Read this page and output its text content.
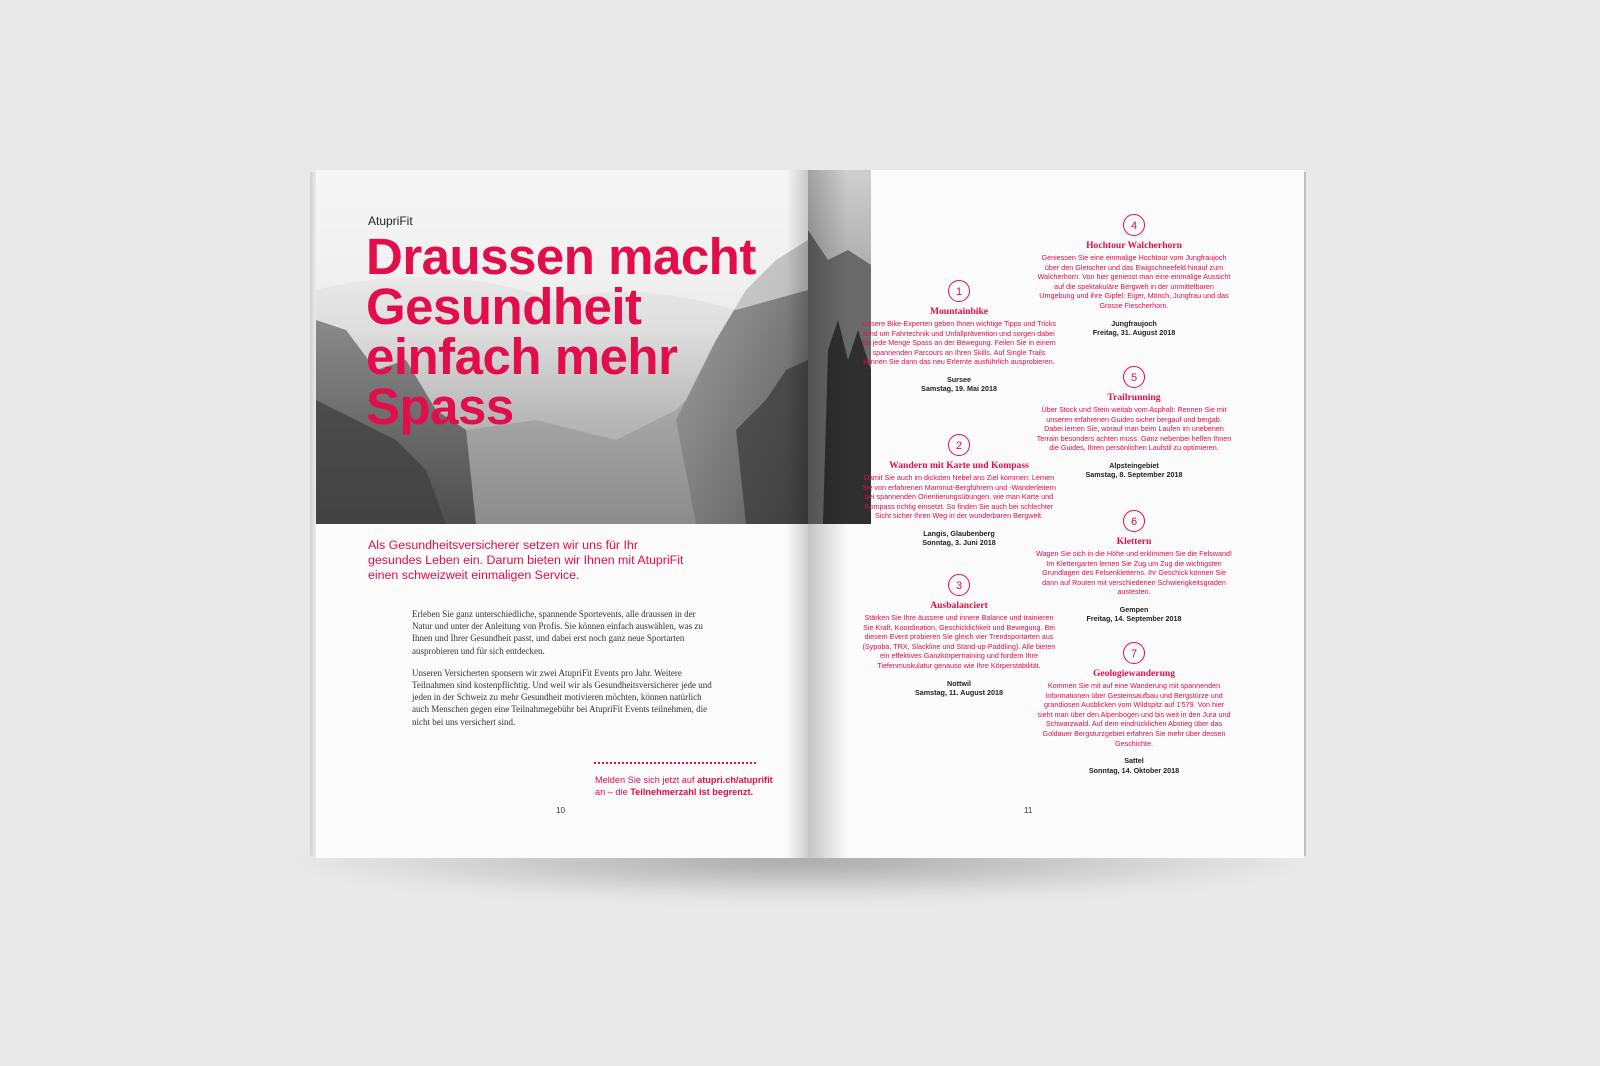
AtupriFit
Draussen macht
Gesundheit
einfach mehr
Spass
Als Gesundheitsversicherer setzen wir uns für Ihr gesundes Leben ein. Darum bieten wir Ihnen mit AtupriFit einen schweizweit einmaligen Service.

Erleben Sie ganz unterschiedliche, spannende Sportevents, alle draussen in der Natur und unter der Anleitung von Profis. Sie können einfach auswählen, was zu Ihnen und Ihrer Gesundheit passt, und dabei erst noch ganz neue Sportarten ausprobieren und für sich entdecken.

Unseren Versicherten sponsern wir zwei AtupriFit Events pro Jahr. Weitere Teilnahmen sind kostenpflichtig. Und weil wir als Gesundheitsversicherer jede und jeden in der Schweiz zu mehr Gesundheit motivieren möchten, können natürlich auch Menschen gegen eine Teilnahmegebühr bei AtupriFit Events teilnehmen, die nicht bei uns versichert sind.

Melden Sie sich jetzt auf atupri.ch/atuprifit
an – die Teilnehmerzahl ist begrenzt.
10
1
Mountainbike
Unsere Bike-Experten geben Ihnen wichtige Tipps und Tricks rund um Fahrtechnik und Unfallprävention und sorgen dabei für jede Menge Spass an der Bewegung. Feilen Sie in einem spannenden Parcours an Ihren Skills. Auf Single Trails können Sie dann das neu Erlernte ausführlich ausprobieren.
Sursee
Samstag, 19. Mai 2018
2
Wandern mit Karte und Kompass
Damit Sie auch im dicksten Nebel ans Ziel kommen: Lernen Sie von erfahrenen Mammut-Bergführern und -Wanderleitern bei spannenden Orientierungsübungen, wie man Karte und Kompass richtig einsetzt. So finden Sie auch bei schlechter Sicht sicher Ihren Weg in der wunderbaren Bergwelt.
Langis, Glaubenberg
Sonntag, 3. Juni 2018
3
Ausbalanciert
Stärken Sie Ihre äussere und innere Balance und trainieren Sie Kraft, Koordination, Geschicklichkeit und Bewegung. Bei diesem Event probieren Sie gleich vier Trendsportarten aus (Sypoba, TRX, Slackline und Stand-up-Paddling). Alle bieten ein effektives Ganzkörpertraining und fordern Ihre Tiefenmuskulatur genauso wie Ihre Körperstabilität.
Nottwil
Samstag, 11. August 2018
4
Hochtour Walcherhorn
Geniessen Sie eine einmalige Hochtour vom Jungfraujoch über den Gletscher und das Ewigschneefeld hinauf zum Walcherhorn. Von hier geniesst man eine einmalige Aussicht auf die spektakuläre Bergwelt in der unmittelbaren Umgebung und ihre Gipfel: Eiger, Mönch, Jungfrau und das Grosse Fiescherhorn.
Jungfraujoch
Freitag, 31. August 2018
5
Trailrunning
Über Stock und Stein weitab vom Asphalt: Rennen Sie mit unseren erfahrenen Guides sicher bergauf und bergab. Dabei lernen Sie, worauf man beim Laufen im unebenen Terrain besonders achten muss. Ganz nebenbei helfen Ihnen die Guides, Ihren persönlichen Laufstil zu optimieren.
Alpsteingebiet
Samstag, 8. September 2018
6
Klettern
Wagen Sie sich in die Höhe und erklimmen Sie die Felswand! Im Klettergarten lernen Sie Zug um Zug die wichtigsten Grundlagen des Felsenkletterns. Ihr Geschick können Sie dann auf Routen mit verschiedenen Schwierigkeitsgraden austesten.
Gempen
Freitag, 14. September 2018
7
Geologiewanderung
Kommen Sie mit auf eine Wanderung mit spannenden Informationen über Gesteinsaufbau und Bergstürze und grandiosen Ausblicken vom Wildspitz auf 1'579. Von hier sieht man über den Alpenbogen und bis weit in den Jura und Schwarzwald. Auf dem eindrücklichen Abstieg über das Goldauer Bergsturzgebiet erfahren Sie mehr über dessen Geschichte.
Sattel
Sonntag, 14. Oktober 2018
11
